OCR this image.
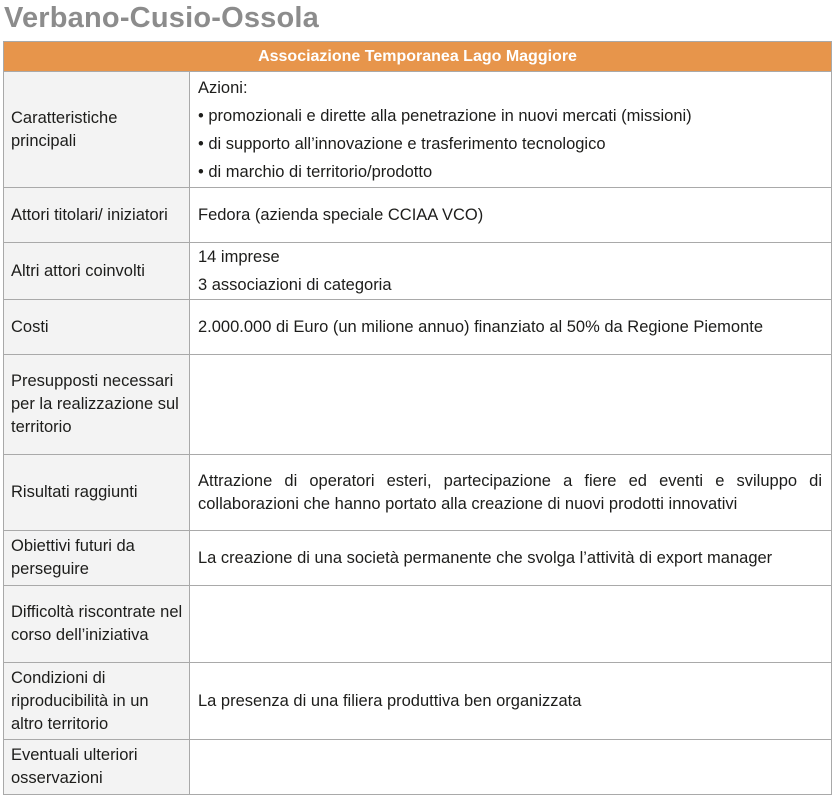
Verbano-Cusio-Ossola
Associazione Temporanea Lago Maggiore	
Caratteristiche principali	Azioni:
• promozionali e dirette alla penetrazione in nuovi mercati (missioni)
• di supporto all’innovazione e trasferimento tecnologico
• di marchio di territorio/prodotto

Attori titolari/ iniziatori	Fedora (azienda speciale CCIAA VCO)
Altri attori coinvolti	14 imprese
3 associazioni di categoria

Costi	2.000.000 di Euro (un milione annuo) finanziato al 50% da Regione Piemonte

Presupposti necessari per la realizzazione sul territorio	
Risultati raggiunti	Attrazione di operatori esteri, partecipazione a fiere ed eventi e sviluppo di collaborazioni che hanno portato alla creazione di nuovi prodotti innovativi

Obiettivi futuri da perseguire	La creazione di una società permanente che svolga l’attività di export manager

Difficoltà riscontrate nel corso dell’iniziativa	
Condizioni di riproducibilità in un altro territorio	La presenza di una filiera produttiva ben organizzata
Eventuali ulteriori osservazioni	
